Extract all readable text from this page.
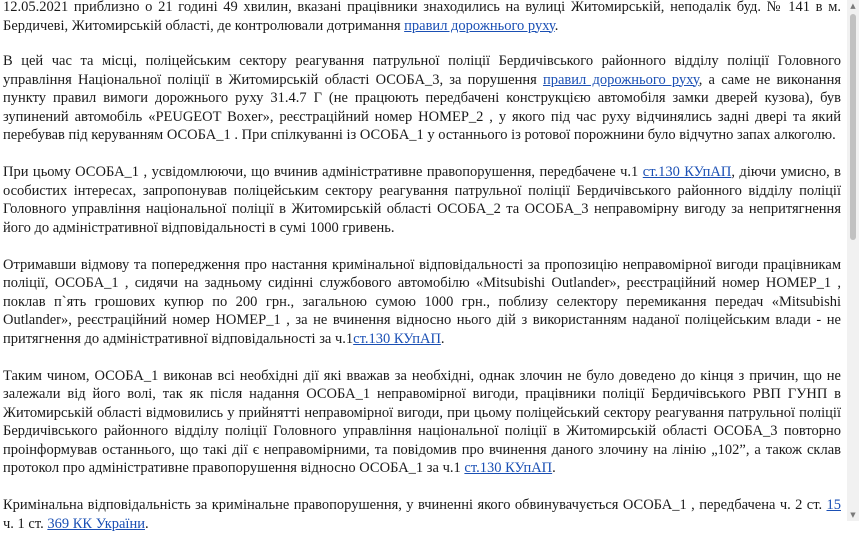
12.05.2021 приблизно о 21 годині 49 хвилин, вказані працівники знаходились на вулиці Житомирській, неподалік буд. № 141 в м. Бердичеві, Житомирській області, де контролювали дотримання правил дорожнього руху.

В цей час та місці, поліцейським сектору реагування патрульної поліції Бердичівського районного відділу поліції Головного управління Національної поліції в Житомирській області ОСОБА_3, за порушення правил дорожнього руху, а саме не виконання пункту правил вимоги дорожнього руху 31.4.7 Г (не працюють передбачені конструкцією автомобіля замки дверей кузова), був зупинений автомобіль «PEUGEOT Boxer», реєстраційний номер НОМЕР_2 , у якого під час руху відчинялись задні двері та який перебував під керуванням ОСОБА_1 . При спілкуванні із ОСОБА_1 у останнього із ротової порожнини було відчутно запах алкоголю.

При цьому ОСОБА_1 , усвідомлюючи, що вчинив адміністративне правопорушення, передбачене ч.1 ст.130 КУпАП, діючи умисно, в особистих інтересах, запропонував поліцейським сектору реагування патрульної поліції Бердичівського районного відділу поліції Головного управління національної поліції в Житомирській області ОСОБА_2 та ОСОБА_3 неправомірну вигоду за непритягнення його до адміністративної відповідальності в сумі 1000 гривень.

Отримавши відмову та попередження про настання кримінальної відповідальності за пропозицію неправомірної вигоди працівникам поліції, ОСОБА_1 , сидячи на задньому сидінні службового автомобілю «Mitsubishi Outlander», реєстраційний номер НОМЕР_1 , поклав п`ять грошових купюр по 200 грн., загальною сумою 1000 грн., поблизу селектору перемикання передач «Mitsubishi Outlander», реєстраційний номер НОМЕР_1 , за не вчинення відносно нього дій з використанням наданої поліцейським влади - не притягнення до адміністративної відповідальності за ч.1ст.130 КУпАП.

Таким чином, ОСОБА_1 виконав всі необхідні дії які вважав за необхідні, однак злочин не було доведено до кінця з причин, що не залежали від його волі, так як після надання ОСОБА_1 неправомірної вигоди, працівники поліції Бердичівського РВП ГУНП в Житомирській області відмовились у прийнятті неправомірної вигоди, при цьому поліцейський сектору реагування патрульної поліції Бердичівського районного відділу поліції Головного управління національної поліції в Житомирській області ОСОБА_3 повторно проінформував останнього, що такі дії є неправомірними, та повідомив про вчинення даного злочину на лінію „102”, а також склав протокол про адміністративне правопорушення відносно ОСОБА_1 за ч.1 ст.130 КУпАП.

Кримінальна відповідальність за кримінальне правопорушення, у вчиненні якого обвинувачується ОСОБА_1 , передбачена ч. 2 ст. 15 ч. 1 ст. 369 КК України.

▲
▼
